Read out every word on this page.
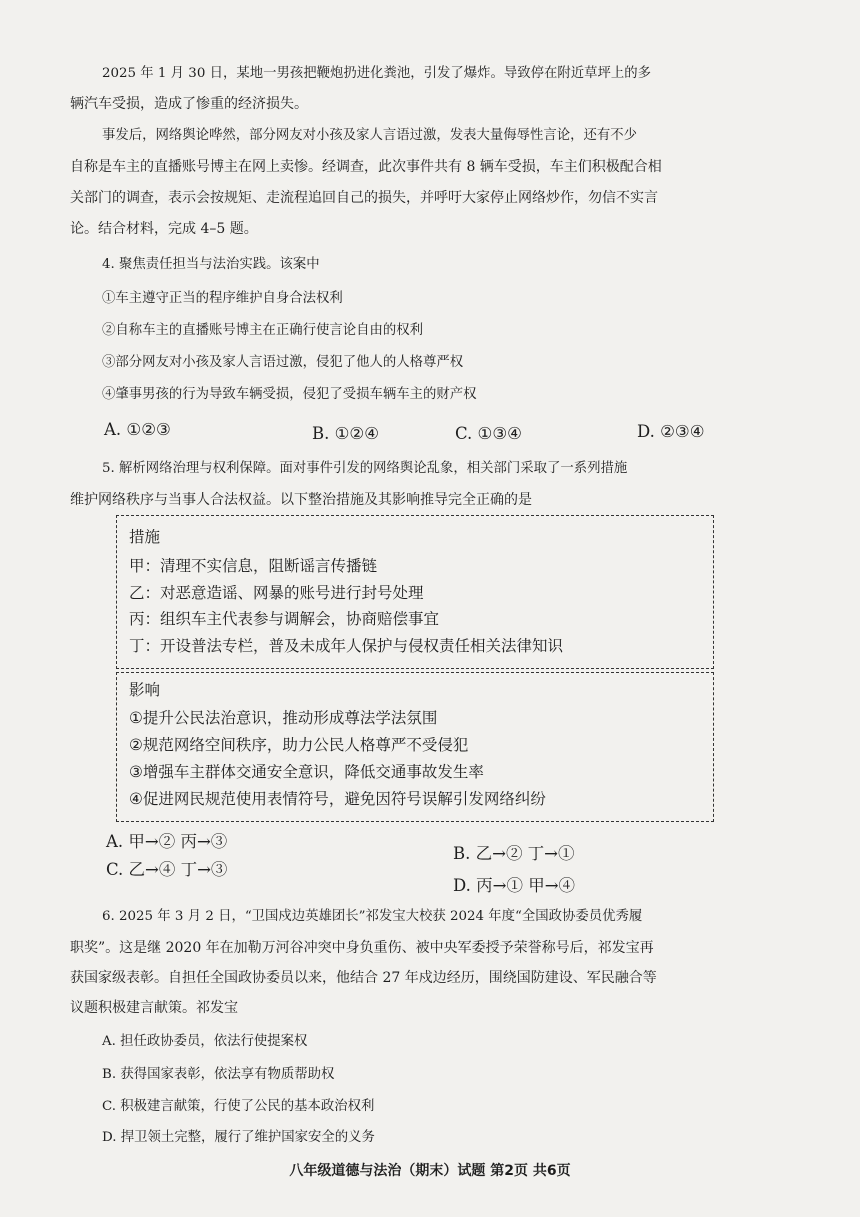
2025 年 1 月 30 日，某地一男孩把鞭炮扔进化粪池，引发了爆炸。导致停在附近草坪上的多
辆汽车受损，造成了惨重的经济损失。
事发后，网络舆论哗然，部分网友对小孩及家人言语过激，发表大量侮辱性言论，还有不少
自称是车主的直播账号博主在网上卖惨。经调查，此次事件共有 8 辆车受损，车主们积极配合相
关部门的调查，表示会按规矩、走流程追回自己的损失，并呼吁大家停止网络炒作，勿信不实言
论。结合材料，完成 4–5 题。
4. 聚焦责任担当与法治实践。该案中
①车主遵守正当的程序维护自身合法权利
②自称车主的直播账号博主在正确行使言论自由的权利
③部分网友对小孩及家人言语过激，侵犯了他人的人格尊严权
④肇事男孩的行为导致车辆受损，侵犯了受损车辆车主的财产权
A. ①②③	B. ①②④	C. ①③④	D. ②③④
5. 解析网络治理与权利保障。面对事件引发的网络舆论乱象，相关部门采取了一系列措施
维护网络秩序与当事人合法权益。以下整治措施及其影响推导完全正确的是
措施
甲：清理不实信息，阻断谣言传播链
乙：对恶意造谣、网暴的账号进行封号处理
丙：组织车主代表参与调解会，协商赔偿事宜
丁：开设普法专栏，普及未成年人保护与侵权责任相关法律知识
影响
①提升公民法治意识，推动形成尊法学法氛围
②规范网络空间秩序，助力公民人格尊严不受侵犯
③增强车主群体交通安全意识，降低交通事故发生率
④促进网民规范使用表情符号，避免因符号误解引发网络纠纷
A. 甲→② 丙→③
B. 乙→② 丁→①
C. 乙→④ 丁→③
D. 丙→① 甲→④
6. 2025 年 3 月 2 日，“卫国戍边英雄团长”祁发宝大校获 2024 年度“全国政协委员优秀履
职奖”。这是继 2020 年在加勒万河谷冲突中身负重伤、被中央军委授予荣誉称号后，祁发宝再
获国家级表彰。自担任全国政协委员以来，他结合 27 年戍边经历，围绕国防建设、军民融合等
议题积极建言献策。祁发宝
A. 担任政协委员，依法行使提案权
B. 获得国家表彰，依法享有物质帮助权
C. 积极建言献策，行使了公民的基本政治权利
D. 捍卫领土完整，履行了维护国家安全的义务
八年级道德与法治（期末）试题 第2页 共6页
